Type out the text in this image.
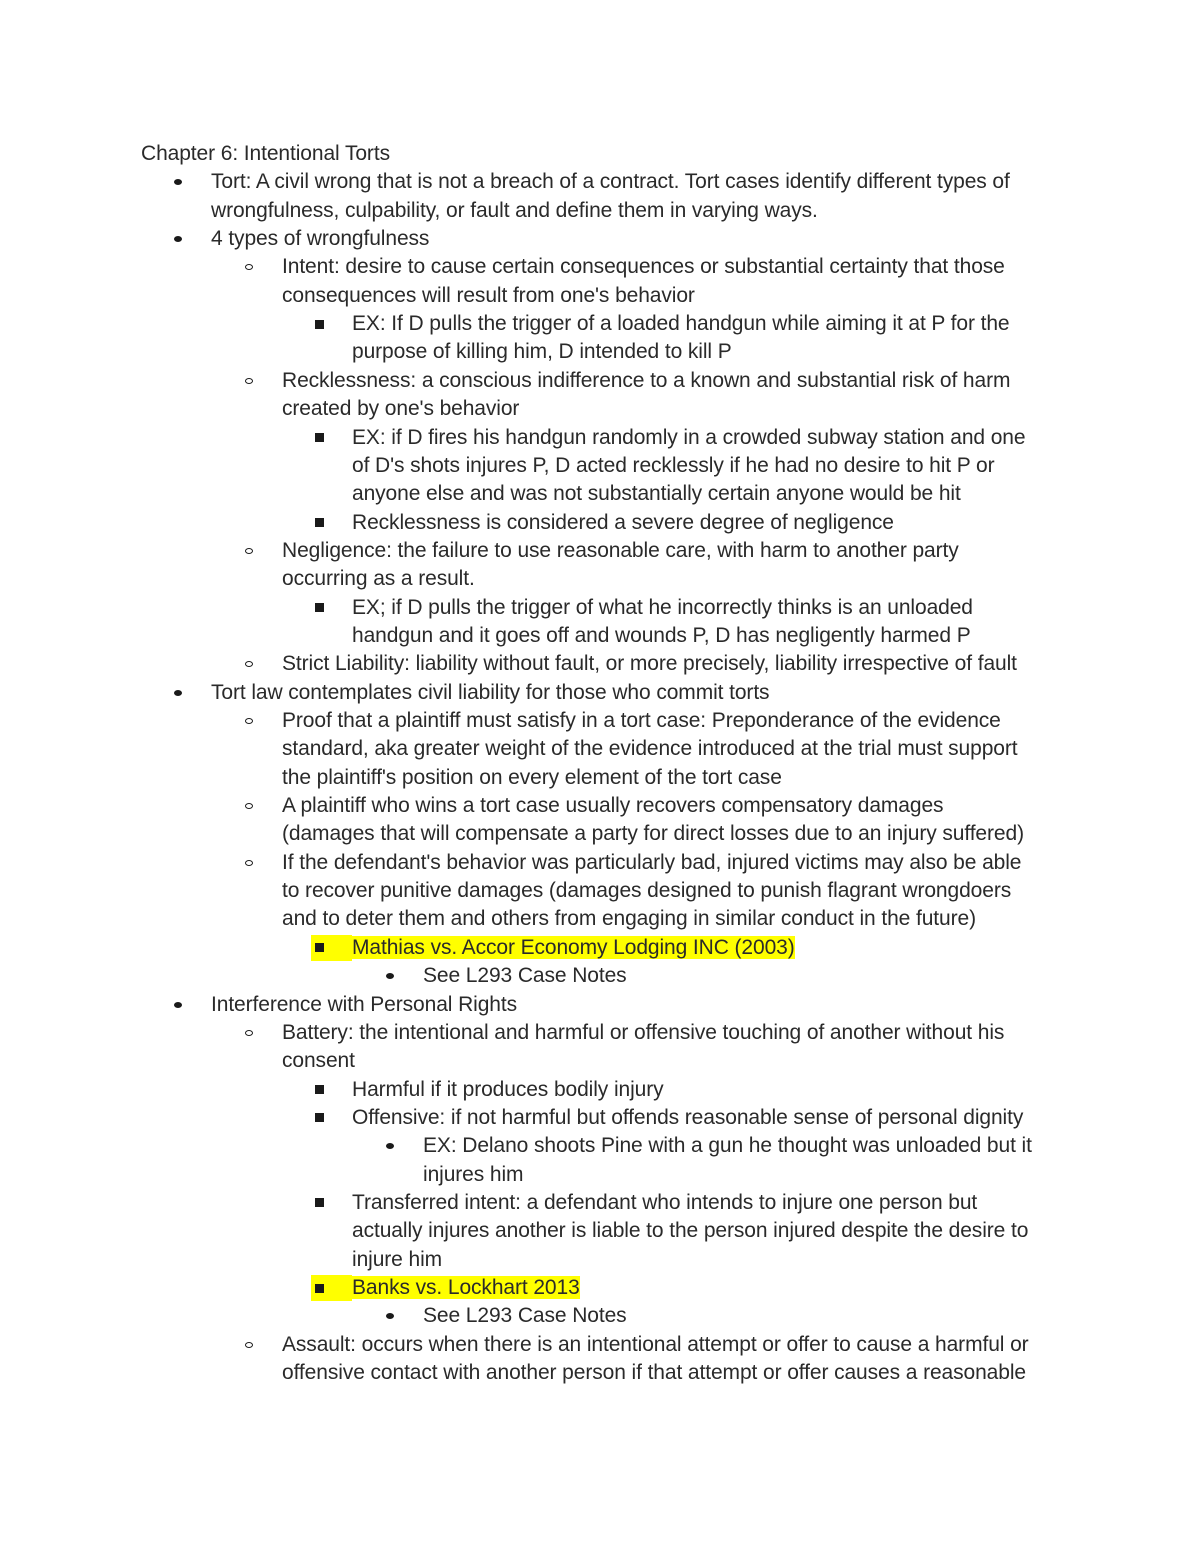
Chapter 6: Intentional Torts
Tort: A civil wrong that is not a breach of a contract. Tort cases identify different types of
wrongfulness, culpability, or fault and define them in varying ways.
4 types of wrongfulness
Intent: desire to cause certain consequences or substantial certainty that those
consequences will result from one's behavior
EX: If D pulls the trigger of a loaded handgun while aiming it at P for the
purpose of killing him, D intended to kill P
Recklessness: a conscious indifference to a known and substantial risk of harm
created by one's behavior
EX: if D fires his handgun randomly in a crowded subway station and one
of D's shots injures P, D acted recklessly if he had no desire to hit P or
anyone else and was not substantially certain anyone would be hit
Recklessness is considered a severe degree of negligence
Negligence: the failure to use reasonable care, with harm to another party
occurring as a result.
EX; if D pulls the trigger of what he incorrectly thinks is an unloaded
handgun and it goes off and wounds P, D has negligently harmed P
Strict Liability: liability without fault, or more precisely, liability irrespective of fault
Tort law contemplates civil liability for those who commit torts
Proof that a plaintiff must satisfy in a tort case: Preponderance of the evidence
standard, aka greater weight of the evidence introduced at the trial must support
the plaintiff's position on every element of the tort case
A plaintiff who wins a tort case usually recovers compensatory damages
(damages that will compensate a party for direct losses due to an injury suffered)
If the defendant's behavior was particularly bad, injured victims may also be able
to recover punitive damages (damages designed to punish flagrant wrongdoers
and to deter them and others from engaging in similar conduct in the future)
Mathias vs. Accor Economy Lodging INC (2003)
See L293 Case Notes
Interference with Personal Rights
Battery: the intentional and harmful or offensive touching of another without his
consent
Harmful if it produces bodily injury
Offensive: if not harmful but offends reasonable sense of personal dignity
EX: Delano shoots Pine with a gun he thought was unloaded but it
injures him
Transferred intent: a defendant who intends to injure one person but
actually injures another is liable to the person injured despite the desire to
injure him
Banks vs. Lockhart 2013
See L293 Case Notes
Assault: occurs when there is an intentional attempt or offer to cause a harmful or
offensive contact with another person if that attempt or offer causes a reasonable
